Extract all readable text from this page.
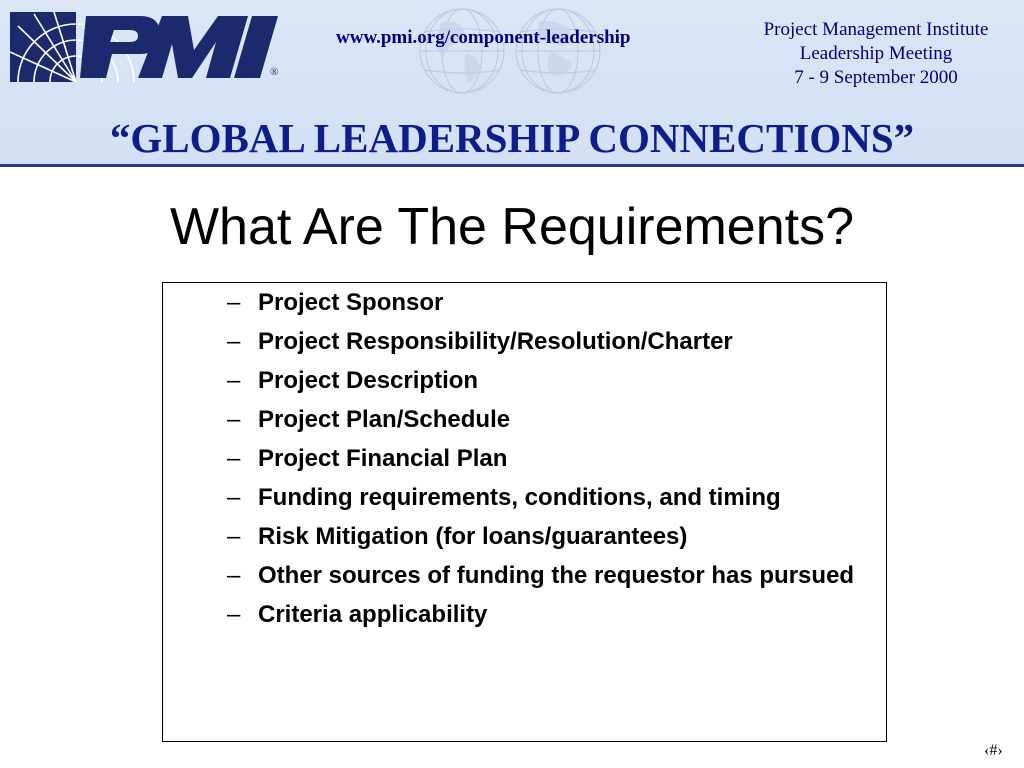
®
www.pmi.org/component-leadership	Project Management Institute
Leadership Meeting
7 - 9 September 2000
“GLOBAL LEADERSHIP CONNECTIONS”
What Are The Requirements?
– Project Sponsor
– Project Responsibility/Resolution/Charter
– Project Description
– Project Plan/Schedule
– Project Financial Plan
– Funding requirements, conditions, and timing
– Risk Mitigation (for loans/guarantees)
– Other sources of funding the requestor has pursued
– Criteria applicability
‹#›
